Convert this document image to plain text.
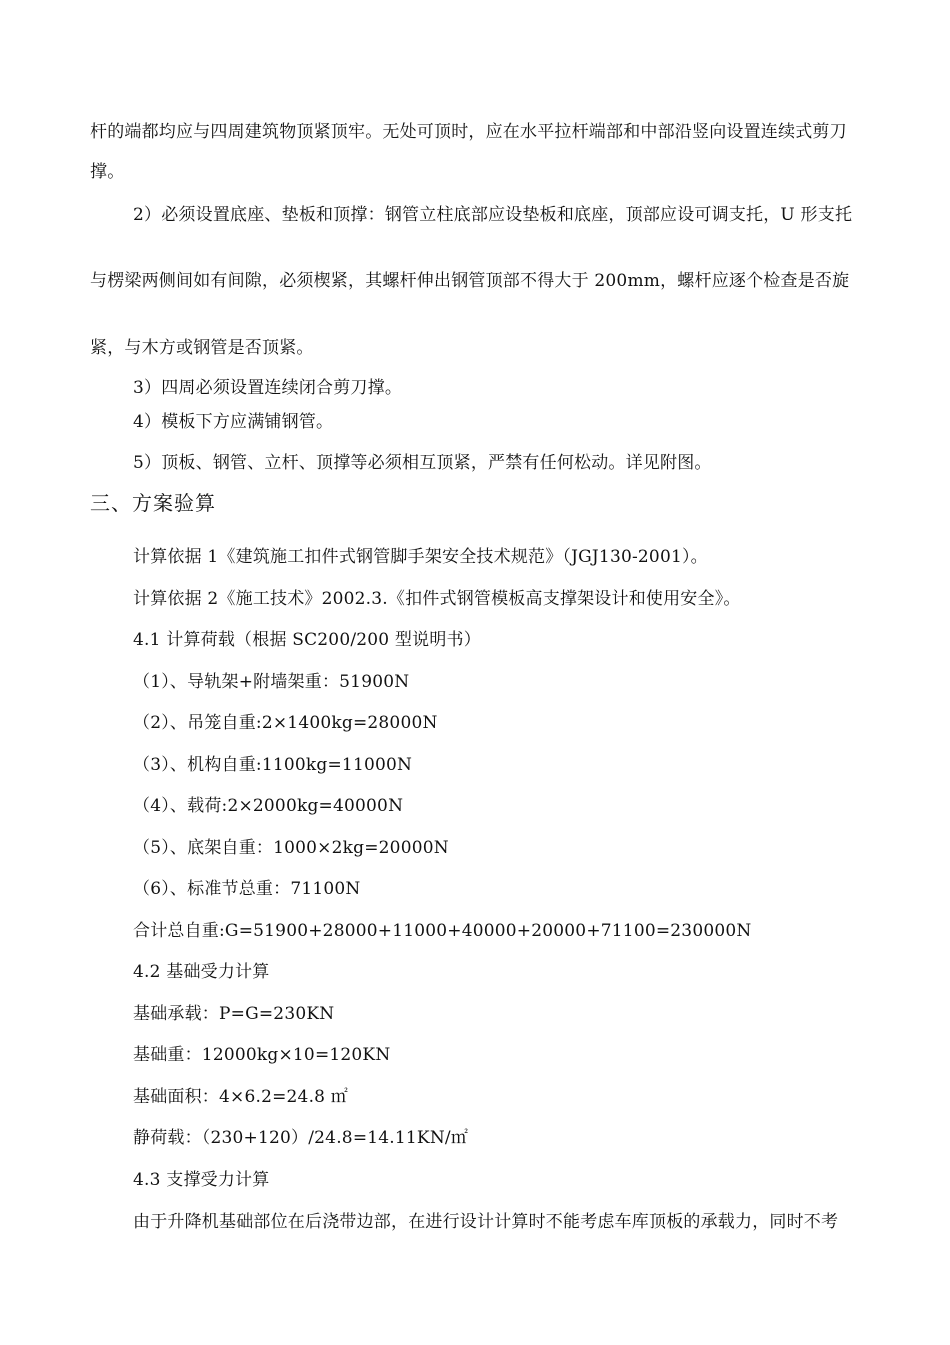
杆的端都均应与四周建筑物顶紧顶牢。无处可顶时，应在水平拉杆端部和中部沿竖向设置连续式剪刀
撑。
2）必须设置底座、垫板和顶撑：钢管立柱底部应设垫板和底座，顶部应设可调支托，U 形支托
与楞梁两侧间如有间隙，必须楔紧，其螺杆伸出钢管顶部不得大于 200mm，螺杆应逐个检查是否旋
紧，与木方或钢管是否顶紧。
3）四周必须设置连续闭合剪刀撑。
4）模板下方应满铺钢管。
5）顶板、钢管、立杆、顶撑等必须相互顶紧，严禁有任何松动。详见附图。
三、方案验算
计算依据 1《建筑施工扣件式钢管脚手架安全技术规范》（JGJ130-2001）。
计算依据 2《施工技术》2002.3.《扣件式钢管模板高支撑架设计和使用安全》。
4.1 计算荷载（根据 SC200/200 型说明书）
（1）、导轨架+附墙架重：51900N
（2）、吊笼自重:2×1400kg=28000N
（3）、机构自重:1100kg=11000N
（4）、载荷:2×2000kg=40000N
（5）、底架自重：1000×2kg=20000N
（6）、标准节总重：71100N
合计总自重:G=51900+28000+11000+40000+20000+71100=230000N
4.2 基础受力计算
基础承载：P=G=230KN
基础重：12000kg×10=120KN
基础面积：4×6.2=24.8 ㎡
静荷载：（230+120）/24.8=14.11KN/㎡
4.3 支撑受力计算
由于升降机基础部位在后浇带边部，在进行设计计算时不能考虑车库顶板的承载力，同时不考
